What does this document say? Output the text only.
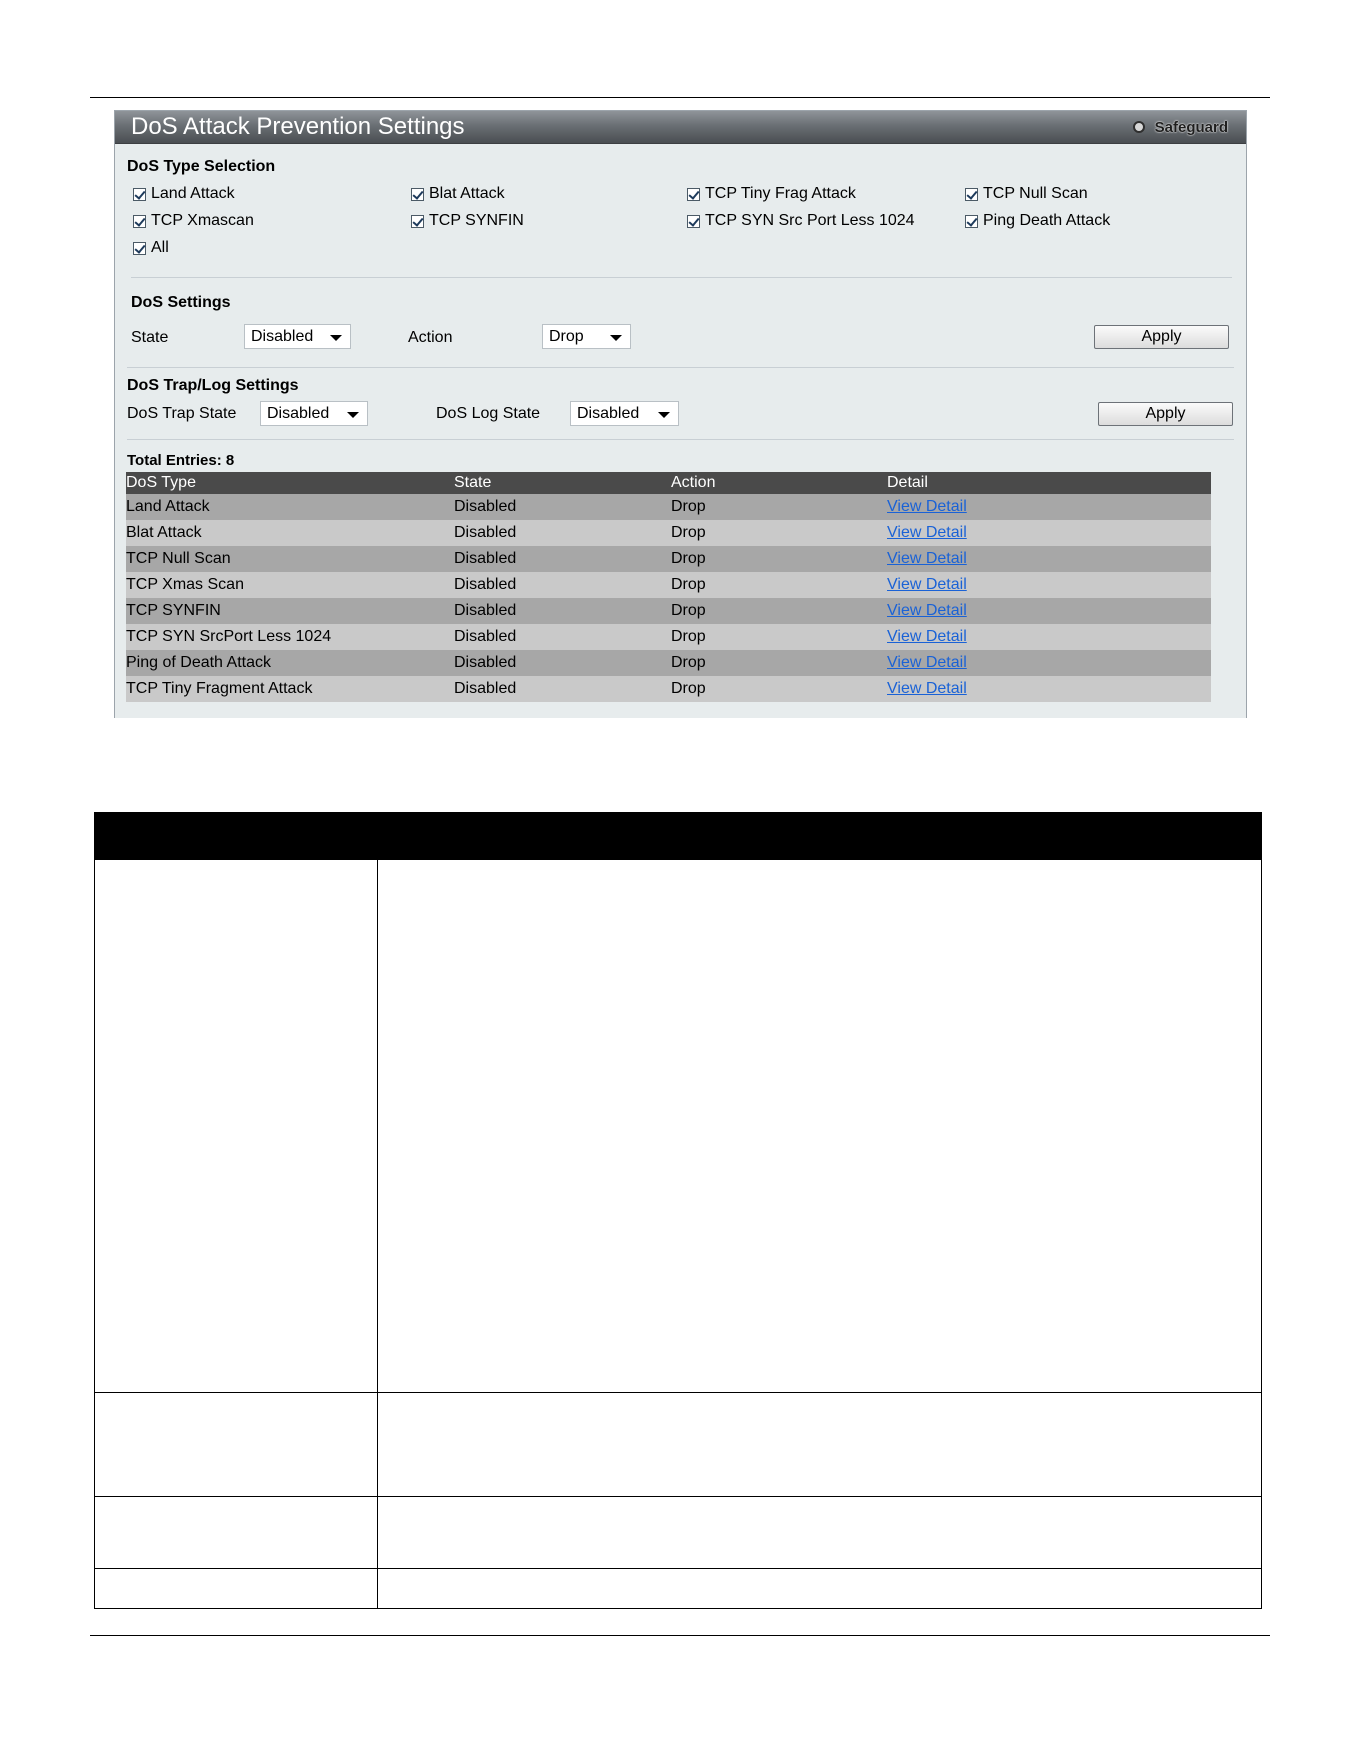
DoS Attack Prevention Settings	Safeguard
DoS Type Selection
Land Attack	Blat Attack	TCP Tiny Frag Attack	TCP Null Scan
TCP Xmascan	TCP SYNFIN	TCP SYN Src Port Less 1024	Ping Death Attack
All
DoS Settings
State	Disabled	Action	Drop	Apply
DoS Trap/Log Settings
DoS Trap State	Disabled	DoS Log State	Disabled	Apply
Total Entries: 8
DoS Type	State	Action	Detail
Land Attack	Disabled	Drop	View Detail
Blat Attack	Disabled	Drop	View Detail
TCP Null Scan	Disabled	Drop	View Detail
TCP Xmas Scan	Disabled	Drop	View Detail
TCP SYNFIN	Disabled	Drop	View Detail
TCP SYN SrcPort Less 1024	Disabled	Drop	View Detail
Ping of Death Attack	Disabled	Drop	View Detail
TCP Tiny Fragment Attack	Disabled	Drop	View Detail
